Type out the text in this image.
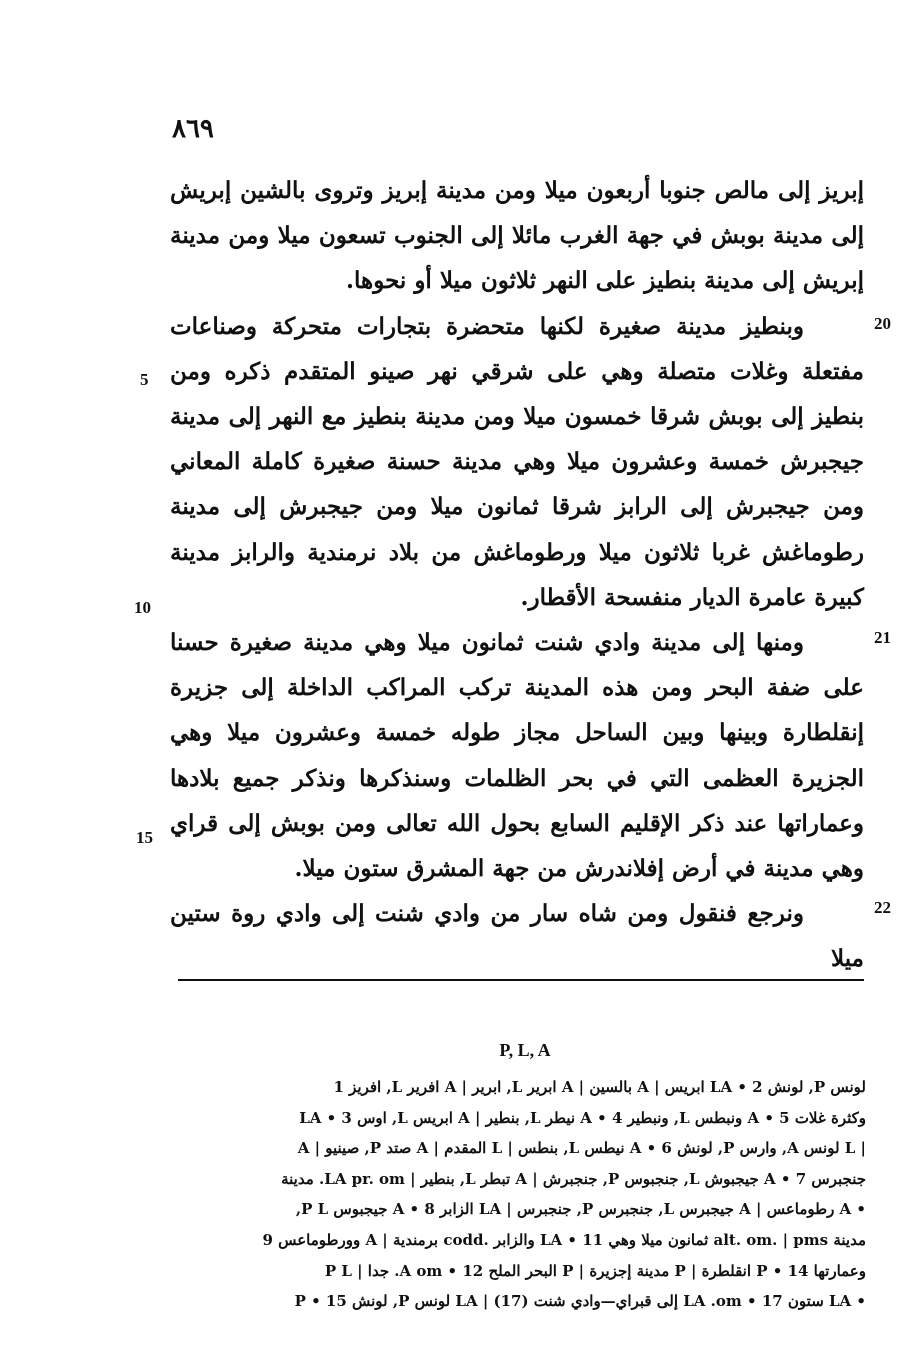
٨٦٩

إبريز إلى مالص جنوبا أربعون ميلا ومن مدينة إبريز وتروى بالشين إبريش إلى مدينة بوبش في جهة الغرب مائلا إلى الجنوب تسعون ميلا ومن مدينة إبريش إلى مدينة بنطيز على النهر ثلاثون ميلا أو نحوها.

وبنطيز مدينة صغيرة لكنها متحضرة بتجارات متحركة وصناعات مفتعلة وغلات متصلة وهي على شرقي نهر صينو المتقدم ذكره ومن بنطيز إلى بوبش شرقا خمسون ميلا ومن مدينة بنطيز مع النهر إلى مدينة جيجبرش خمسة وعشرون ميلا وهي مدينة حسنة صغيرة كاملة المعاني ومن جيجبرش إلى الرابز شرقا ثمانون ميلا ومن جيجبرش إلى مدينة رطوماغش غربا ثلاثون ميلا ورطوماغش من بلاد نرمندية والرابز مدينة كبيرة عامرة الديار منفسحة الأقطار.

ومنها إلى مدينة وادي شنت ثمانون ميلا وهي مدينة صغيرة حسنا على ضفة البحر ومن هذه المدينة تركب المراكب الداخلة إلى جزيرة إنقلطارة وبينها وبين الساحل مجاز طوله خمسة وعشرون ميلا وهي الجزيرة العظمى التي في بحر الظلمات وسنذكرها ونذكر جميع بلادها وعماراتها عند ذكر الإقليم السابع بحول الله تعالى ومن بوبش إلى قراي وهي مدينة في أرض إفلاندرش من جهة المشرق ستون ميلا.

ونرجع فنقول ومن شاه سار من وادي شنت إلى وادي روة ستين ميلا

20
21
22
5
10
15
P, L, A

لونس P, لونش 2 • LA ابريس | A بالسين | A ابرير L, ابرير | A افرير L, افريز 1

وكثرة غلات 5 • A ونبطس L, ونبطير 4 • A نيطر L, بنطير | A ابريس L, اوس 3 • LA

| L لونس A, وارس P, لونش 6 • A نيطس L, بنطس | L المقدم | A صتد P, صينيو | A

جنجبرس 7 • A جيجبوش L, جنجبوس P, جنجبرش | A تبطر L, بنطير | LA pr. om. مدينة

• A رطوماعس | A جيجبرس L, جنجبرس P, جنجبرس | LA الزابر 8 • A جيجبوس P L,

مدينة alt. om. | pms ثمانون ميلا وهي 11 • LA والزابر .codd برمندية | A وورطوماعس 9

وعمارتها 14 • P انقلطرة | P مدينة إجزيرة | P البحر الملح 12 • A om. جدا | P L

• LA ستون 17 • LA .om إلى قبراي—وادي شنت (17) | LA لونس P, لونش 15 • P
